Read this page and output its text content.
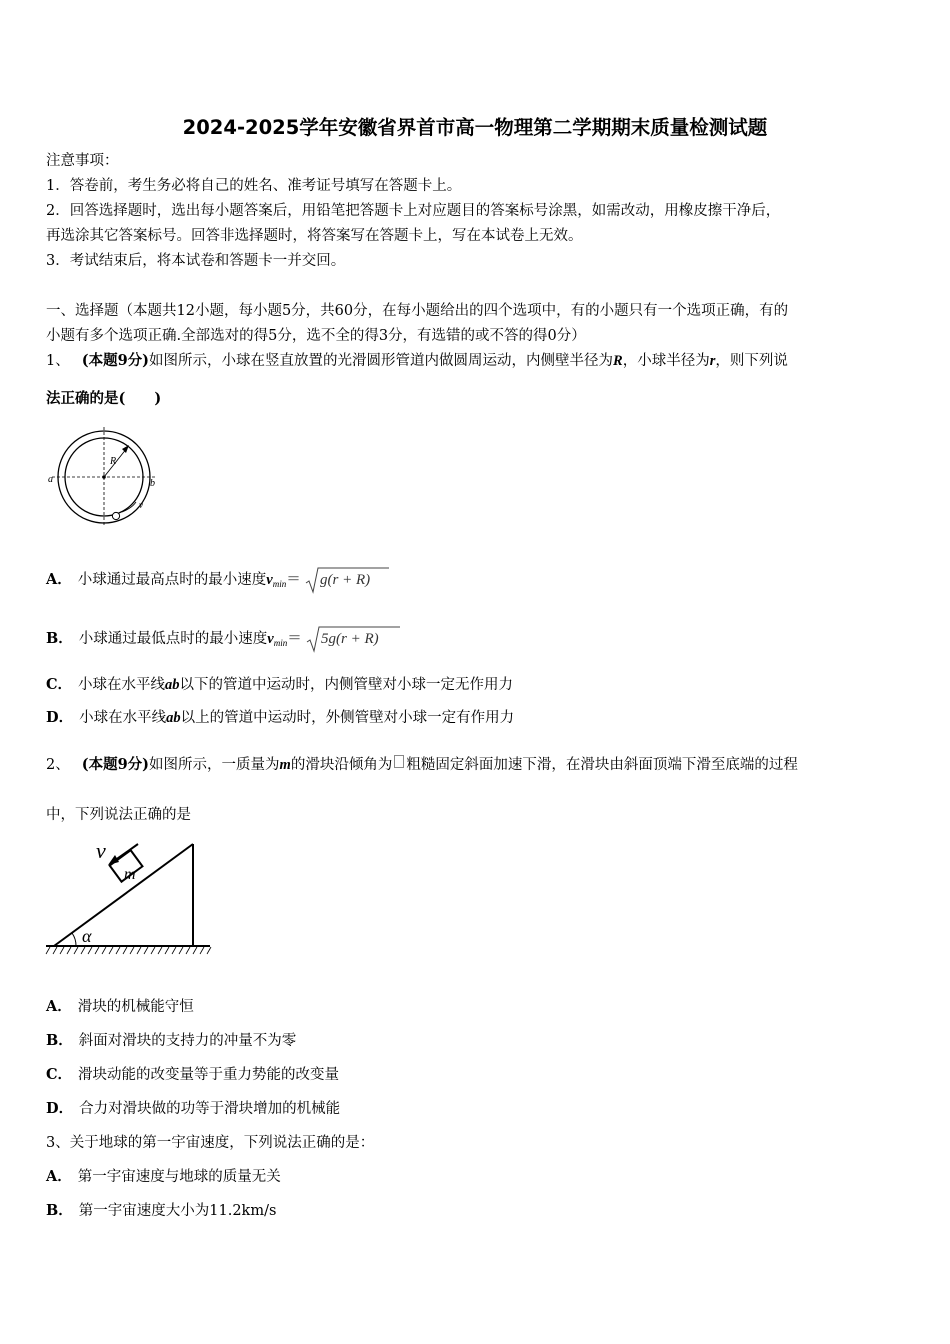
2024-2025学年安徽省界首市高一物理第二学期期末质量检测试题
注意事项：
1．答卷前，考生务必将自己的姓名、准考证号填写在答题卡上。
2．回答选择题时，选出每小题答案后，用铅笔把答题卡上对应题目的答案标号涂黑，如需改动，用橡皮擦干净后，
再选涂其它答案标号。回答非选择题时，将答案写在答题卡上，写在本试卷上无效。
3．考试结束后，将本试卷和答题卡一并交回。
一、选择题（本题共12小题，每小题5分，共60分，在每小题给出的四个选项中，有的小题只有一个选项正确，有的
小题有多个选项正确.全部选对的得5分，选不全的得3分，有选错的或不答的得0分）
1、 (本题9分)如图所示，小球在竖直放置的光滑圆形管道内做圆周运动，内侧壁半径为R，小球半径为r，则下列说
法正确的是(　　)
R
a	b
v
A． 小球通过最高点时的最小速度$v_{min}= g(r + R)$
B． 小球通过最低点时的最小速度$v_{min}= 5g(r + R)$
C． 小球在水平线ab以下的管道中运动时，内侧管壁对小球一定无作用力
D． 小球在水平线ab以上的管道中运动时，外侧管壁对小球一定有作用力
2、 (本题9分)如图所示，一质量为m的滑块沿倾角为 粗糙固定斜面加速下滑，在滑块由斜面顶端下滑至底端的过程
中，下列说法正确的是
m
v
α
A． 滑块的机械能守恒
B． 斜面对滑块的支持力的冲量不为零
C． 滑块动能的改变量等于重力势能的改变量
D． 合力对滑块做的功等于滑块增加的机械能
3、关于地球的第一宇宙速度，下列说法正确的是：
A． 第一宇宙速度与地球的质量无关
B． 第一宇宙速度大小为11.2km/s
